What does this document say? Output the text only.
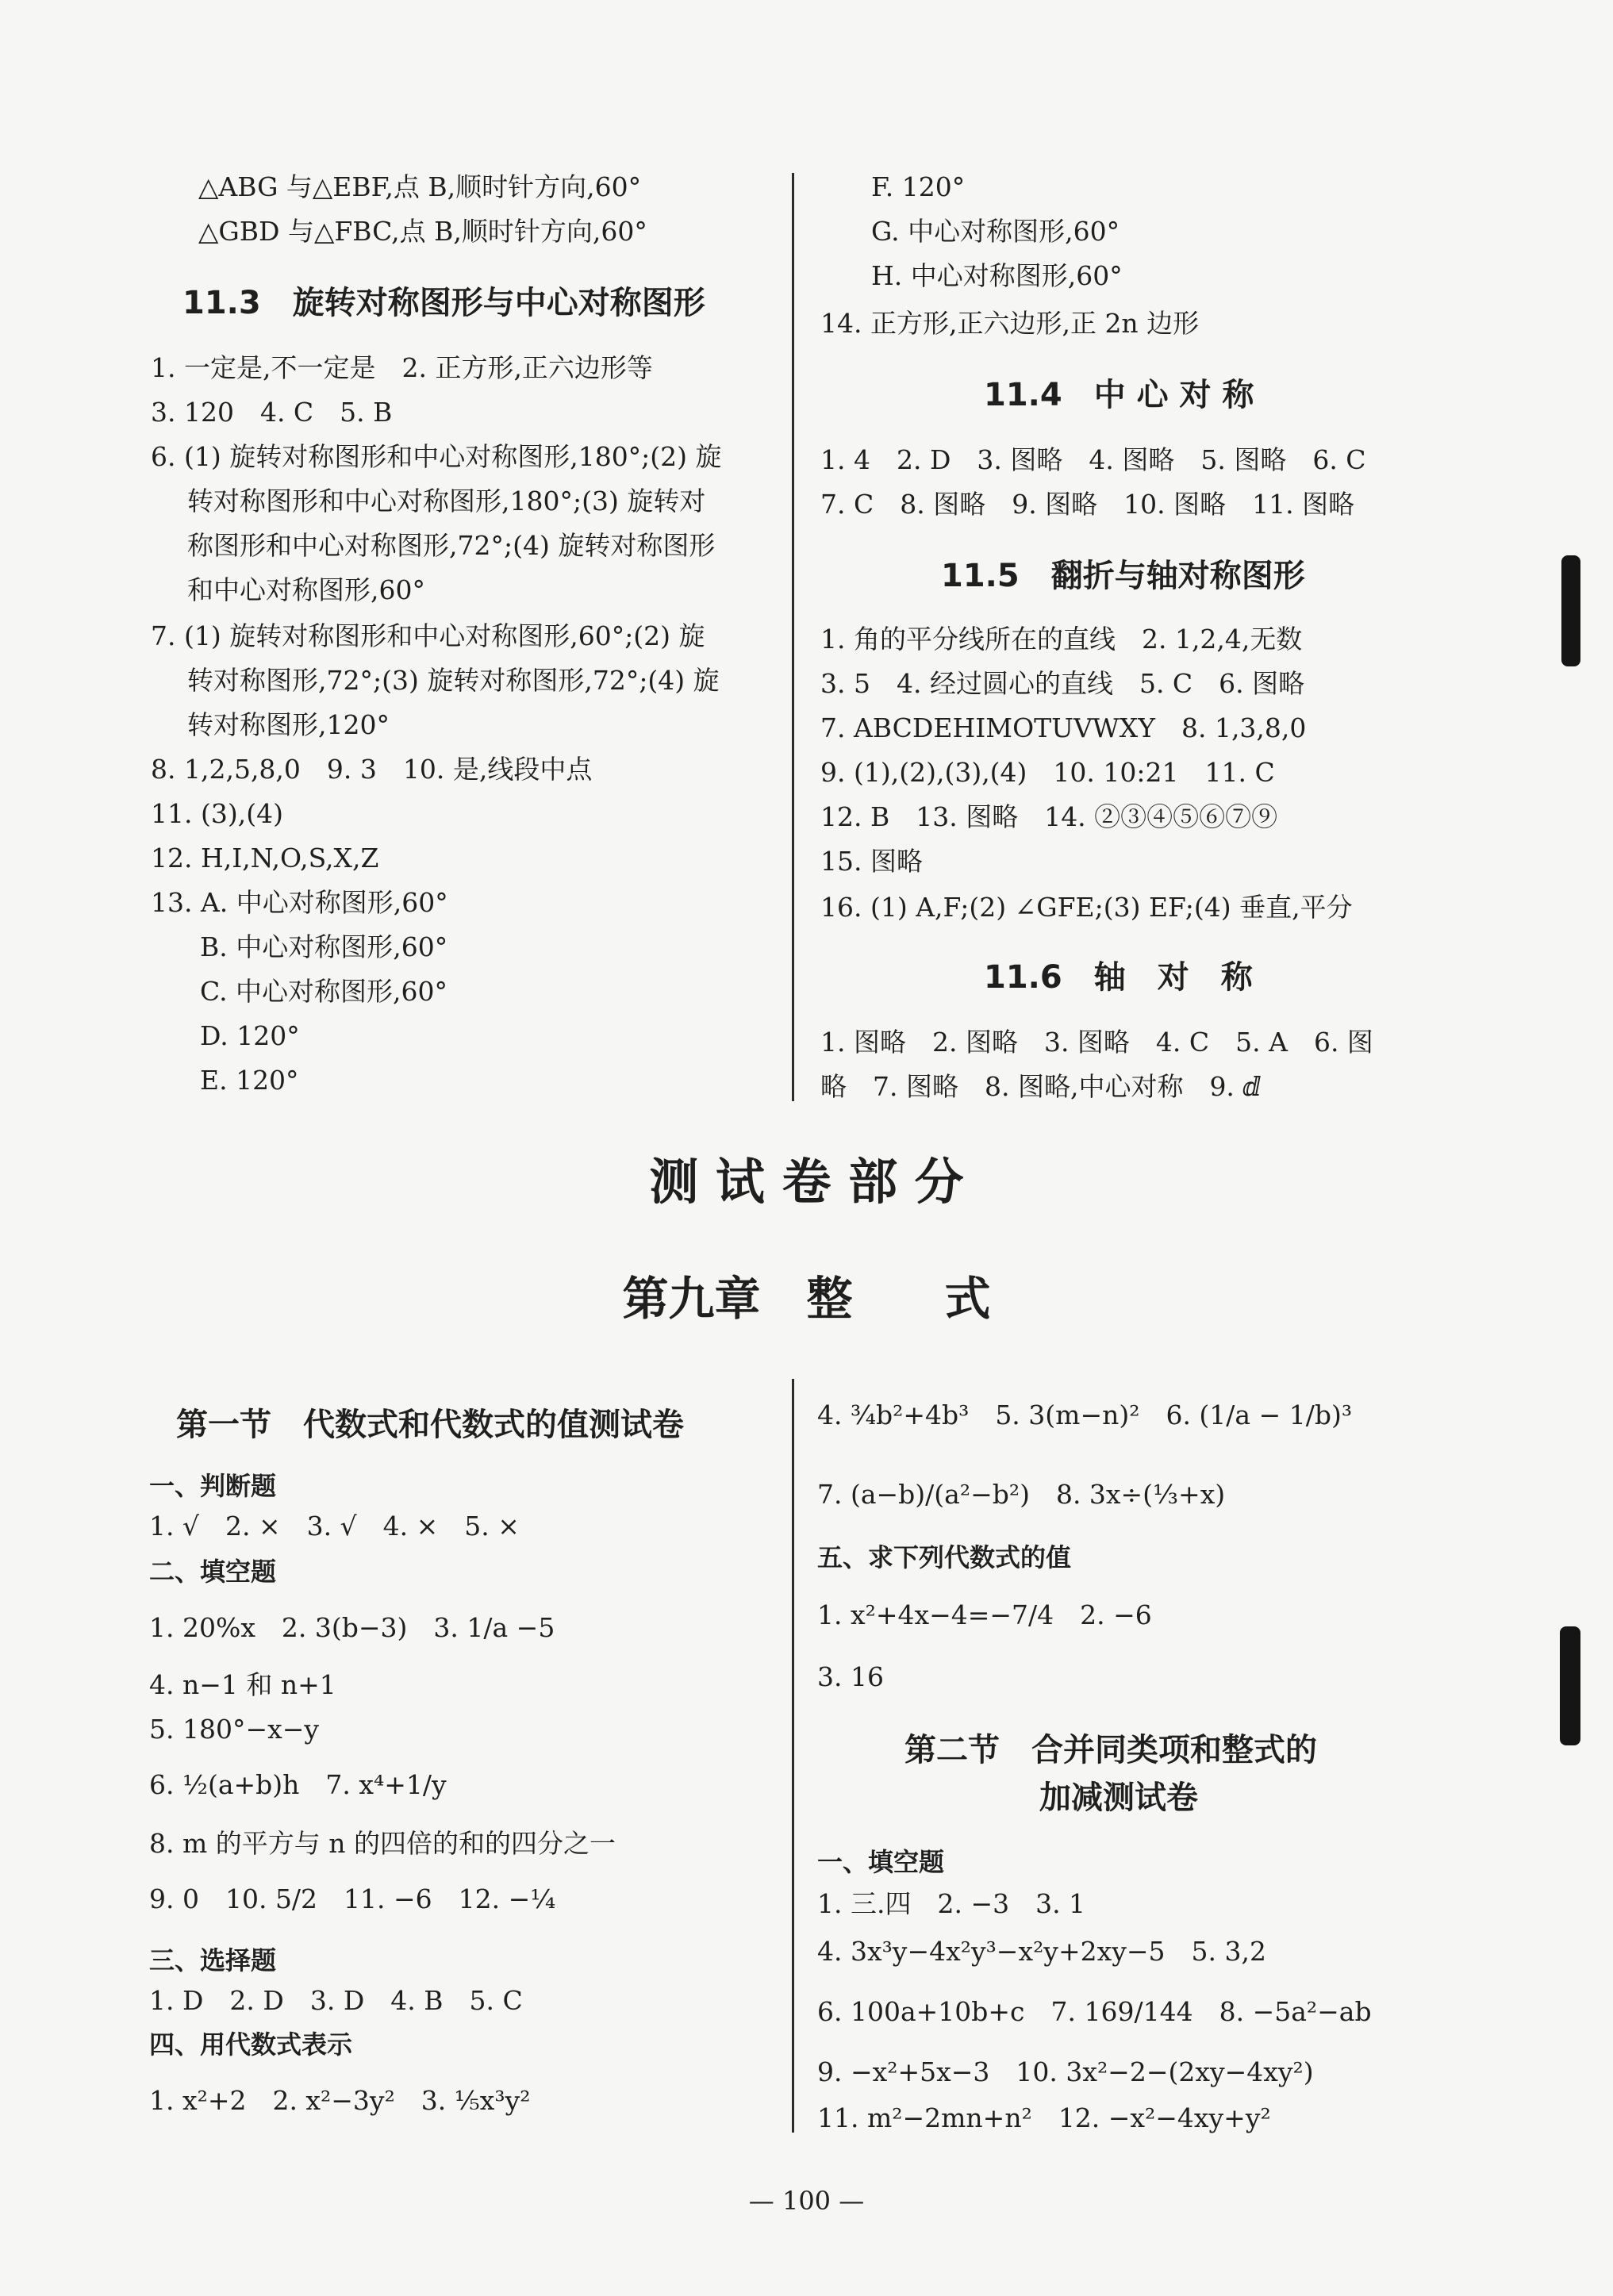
△ABG 与△EBF,点 B,顺时针方向,60°
△GBD 与△FBC,点 B,顺时针方向,60°
11.3　旋转对称图形与中心对称图形
1. 一定是,不一定是　2. 正方形,正六边形等
3. 120　4. C　5. B
6. (1) 旋转对称图形和中心对称图形,180°;(2) 旋
转对称图形和中心对称图形,180°;(3) 旋转对
称图形和中心对称图形,72°;(4) 旋转对称图形
和中心对称图形,60°
7. (1) 旋转对称图形和中心对称图形,60°;(2) 旋
转对称图形,72°;(3) 旋转对称图形,72°;(4) 旋
转对称图形,120°
8. 1,2,5,8,0　9. 3　10. 是,线段中点
11. (3),(4)
12. H,I,N,O,S,X,Z
13. A. 中心对称图形,60°
B. 中心对称图形,60°
C. 中心对称图形,60°
D. 120°
E. 120°
F. 120°
G. 中心对称图形,60°
H. 中心对称图形,60°
14. 正方形,正六边形,正 2n 边形
11.4　中 心 对 称
1. 4　2. D　3. 图略　4. 图略　5. 图略　6. C
7. C　8. 图略　9. 图略　10. 图略　11. 图略
11.5　翻折与轴对称图形
1. 角的平分线所在的直线　2. 1,2,4,无数
3. 5　4. 经过圆心的直线　5. C　6. 图略
7. ABCDEHIMOTUVWXY　8. 1,3,8,0
9. (1),(2),(3),(4)　10. 10:21　11. C
12. B　13. 图略　14. ②③④⑤⑥⑦⑨
15. 图略
16. (1) A,F;(2) ∠GFE;(3) EF;(4) 垂直,平分
11.6　轴　对　称
1. 图略　2. 图略　3. 图略　4. C　5. A　6. 图
略　7. 图略　8. 图略,中心对称　9. ⅆ
测 试 卷 部 分
第九章　整　　式
第一节　代数式和代数式的值测试卷
一、判断题
1. √　2. ×　3. √　4. ×　5. ×
二、填空题
1. 20%x　2. 3(b−3)　3. 1/a −5
4. n−1 和 n+1
5. 180°−x−y
6. ½(a+b)h　7. x⁴+1/y
8. m 的平方与 n 的四倍的和的四分之一
9. 0　10. 5/2　11. −6　12. −¼
三、选择题
1. D　2. D　3. D　4. B　5. C
四、用代数式表示
1. x²+2　2. x²−3y²　3. ⅕x³y²
4. ¾b²+4b³　5. 3(m−n)²　6. (1/a − 1/b)³
7. (a−b)/(a²−b²)　8. 3x÷(⅓+x)
五、求下列代数式的值
1. x²+4x−4=−7/4　2. −6
3. 16
第二节　合并同类项和整式的
加减测试卷
一、填空题
1. 三.四　2. −3　3. 1
4. 3x³y−4x²y³−x²y+2xy−5　5. 3,2
6. 100a+10b+c　7. 169/144　8. −5a²−ab
9. −x²+5x−3　10. 3x²−2−(2xy−4xy²)
11. m²−2mn+n²　12. −x²−4xy+y²
— 100 —
